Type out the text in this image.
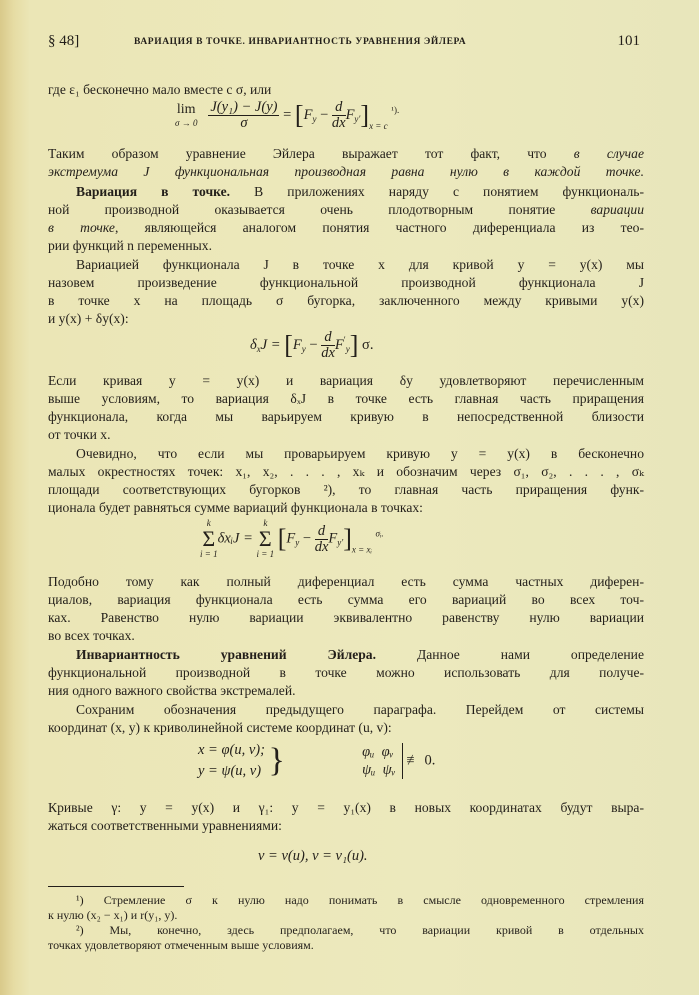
§ 48]	ВАРИАЦИЯ В ТОЧКЕ. ИНВАРИАНТНОСТЬ УРАВНЕНИЯ ЭЙЛЕРА	101
где ε₁ бесконечно мало вместе с σ, или
lim
σ → 0
$\frac{\text{J(y₁) − J(y)}}{\sigma} = [F_y - \frac{d}{dx} F_{y'}]_{x = c}$ $^{^1).}$
Таким образом уравнение Эйлера выражает тот факт, что в случае
экстремума J функциональная производная равна нулю в каждой точке.
Вариация в точке. В приложениях наряду с понятием функциональ-
ной производной оказывается очень плодотворным понятие вариации
в точке, являющейся аналогом понятия частного диференциала из тео-
рии функций n переменных.
Вариацией функционала J в точке x для кривой y = y(x) мы
назовем произведение функциональной производной функционала J
в точке x на площадь σ бугорка, заключенного между кривыми y(x)
и y(x) + δy(x):
$\delta_xJ = [F_y - \frac{d}{dx} F'_y]$ σ.
Если кривая y = y(x) и вариация δy удовлетворяют перечисленным
выше условиям, то вариация δₓJ в точке есть главная часть приращения
функционала, когда мы варьируем кривую в непосредственной близости
от точки x.
Очевидно, что если мы проварьируем кривую y = y(x) в бесконечно
малых окрестностях точек: x₁, x₂, . . . , xₖ и обозначим через σ₁, σ₂, . . . , σₖ
площади соответствующих бугорков ²), то главная часть приращения функ-
ционала будет равняться сумме вариаций функционала в точках:
k
Σ
i = 1
δxᵢJ =
k
Σ
i = 1
$[F_y - \frac{d}{dx} F_{y'}]_{x = xᵢ}$ $^{\sigma ᵢ.}$
Подобно тому как полный диференциал есть сумма частных диферен-
циалов, вариация функционала есть сумма его вариаций во всех точ-
ках. Равенство нулю вариации эквивалентно равенству нулю вариации
во всех точках.
Инвариантность уравнений Эйлера. Данное нами определение
функциональной производной в точке можно использовать для получе-
ния одного важного свойства экстремалей.
Сохраним обозначения предыдущего параграфа. Перейдем от системы
координат (x, y) к криволинейной системе координат (u, v):
x = φ(u, v);
y = ψ(u, v) }	φᵤ φᵥ
ψᵤ ψᵥ
≢ 0.
Кривые γ: y = y(x) и γ₁: y = y₁(x) в новых координатах будут выра-
жаться соответственными уравнениями:
v = v(u), v = v₁(u).
¹) Стремление σ к нулю надо понимать в смысле одновременного стремления
к нулю (x₂ − x₁) и r(y₁, y).
²) Мы, конечно, здесь предполагаем, что вариации кривой в отдельных
точках удовлетворяют отмеченным выше условиям.
